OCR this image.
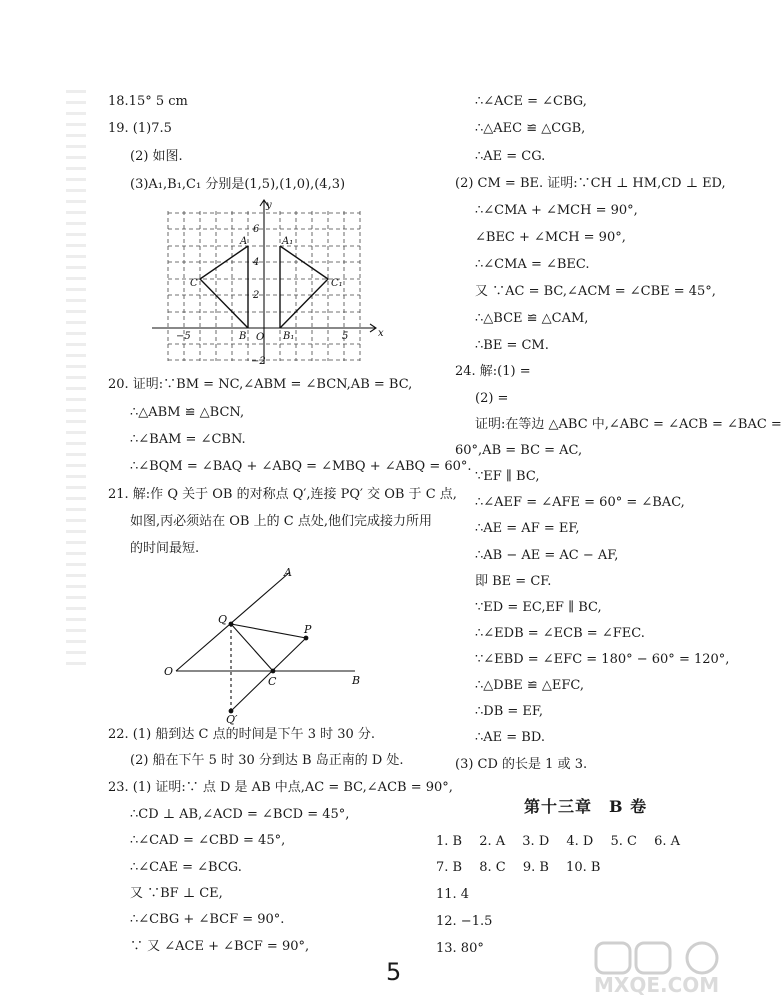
18.15° 5 cm
19. (1)7.5
(2) 如图.
(3)A₁,B₁,C₁ 分别是(1,5),(1,0),(4,3)
y
x
O
6
4
2
−2
−5	5
A
B
C
A₁
B₁
C₁
20. 证明:∵BM = NC,∠ABM = ∠BCN,AB = BC,
∴△ABM ≌ △BCN,
∴∠BAM = ∠CBN.
∴∠BQM = ∠BAQ + ∠ABQ = ∠MBQ + ∠ABQ = 60°.
21. 解:作 Q 关于 OB 的对称点 Q′,连接 PQ′ 交 OB 于 C 点,
如图,丙必须站在 OB 上的 C 点处,他们完成接力所用
的时间最短.
A
O
Q
P
C	B
Q′
22. (1) 船到达 C 点的时间是下午 3 时 30 分.
(2) 船在下午 5 时 30 分到达 B 岛正南的 D 处.
23. (1) 证明:∵ 点 D 是 AB 中点,AC = BC,∠ACB = 90°,
∴CD ⊥ AB,∠ACD = ∠BCD = 45°,
∴∠CAD = ∠CBD = 45°,
∴∠CAE = ∠BCG.
又 ∵BF ⊥ CE,
∴∠CBG + ∠BCF = 90°.
∵ 又 ∠ACE + ∠BCF = 90°,
∴∠ACE = ∠CBG,
∴△AEC ≌ △CGB,
∴AE = CG.
(2) CM = BE. 证明:∵CH ⊥ HM,CD ⊥ ED,
∴∠CMA + ∠MCH = 90°,
∠BEC + ∠MCH = 90°,
∴∠CMA = ∠BEC.
又 ∵AC = BC,∠ACM = ∠CBE = 45°,
∴△BCE ≌ △CAM,
∴BE = CM.
24. 解:(1) =
(2) =
证明:在等边 △ABC 中,∠ABC = ∠ACB = ∠BAC =
60°,AB = BC = AC,
∵EF ∥ BC,
∴∠AEF = ∠AFE = 60° = ∠BAC,
∴AE = AF = EF,
∴AB − AE = AC − AF,
即 BE = CF.
∵ED = EC,EF ∥ BC,
∴∠EDB = ∠ECB = ∠FEC.
∵∠EBD = ∠EFC = 180° − 60° = 120°,
∴△DBE ≌ △EFC,
∴DB = EF,
∴AE = BD.
(3) CD 的长是 1 或 3.
第十三章　B 卷
1. B　 2. A　 3. D　 4. D　 5. C　 6. A
7. B　 8. C　 9. B　 10. B
11. 4
12. −1.5
13. 80°
5	MXQE.COM
